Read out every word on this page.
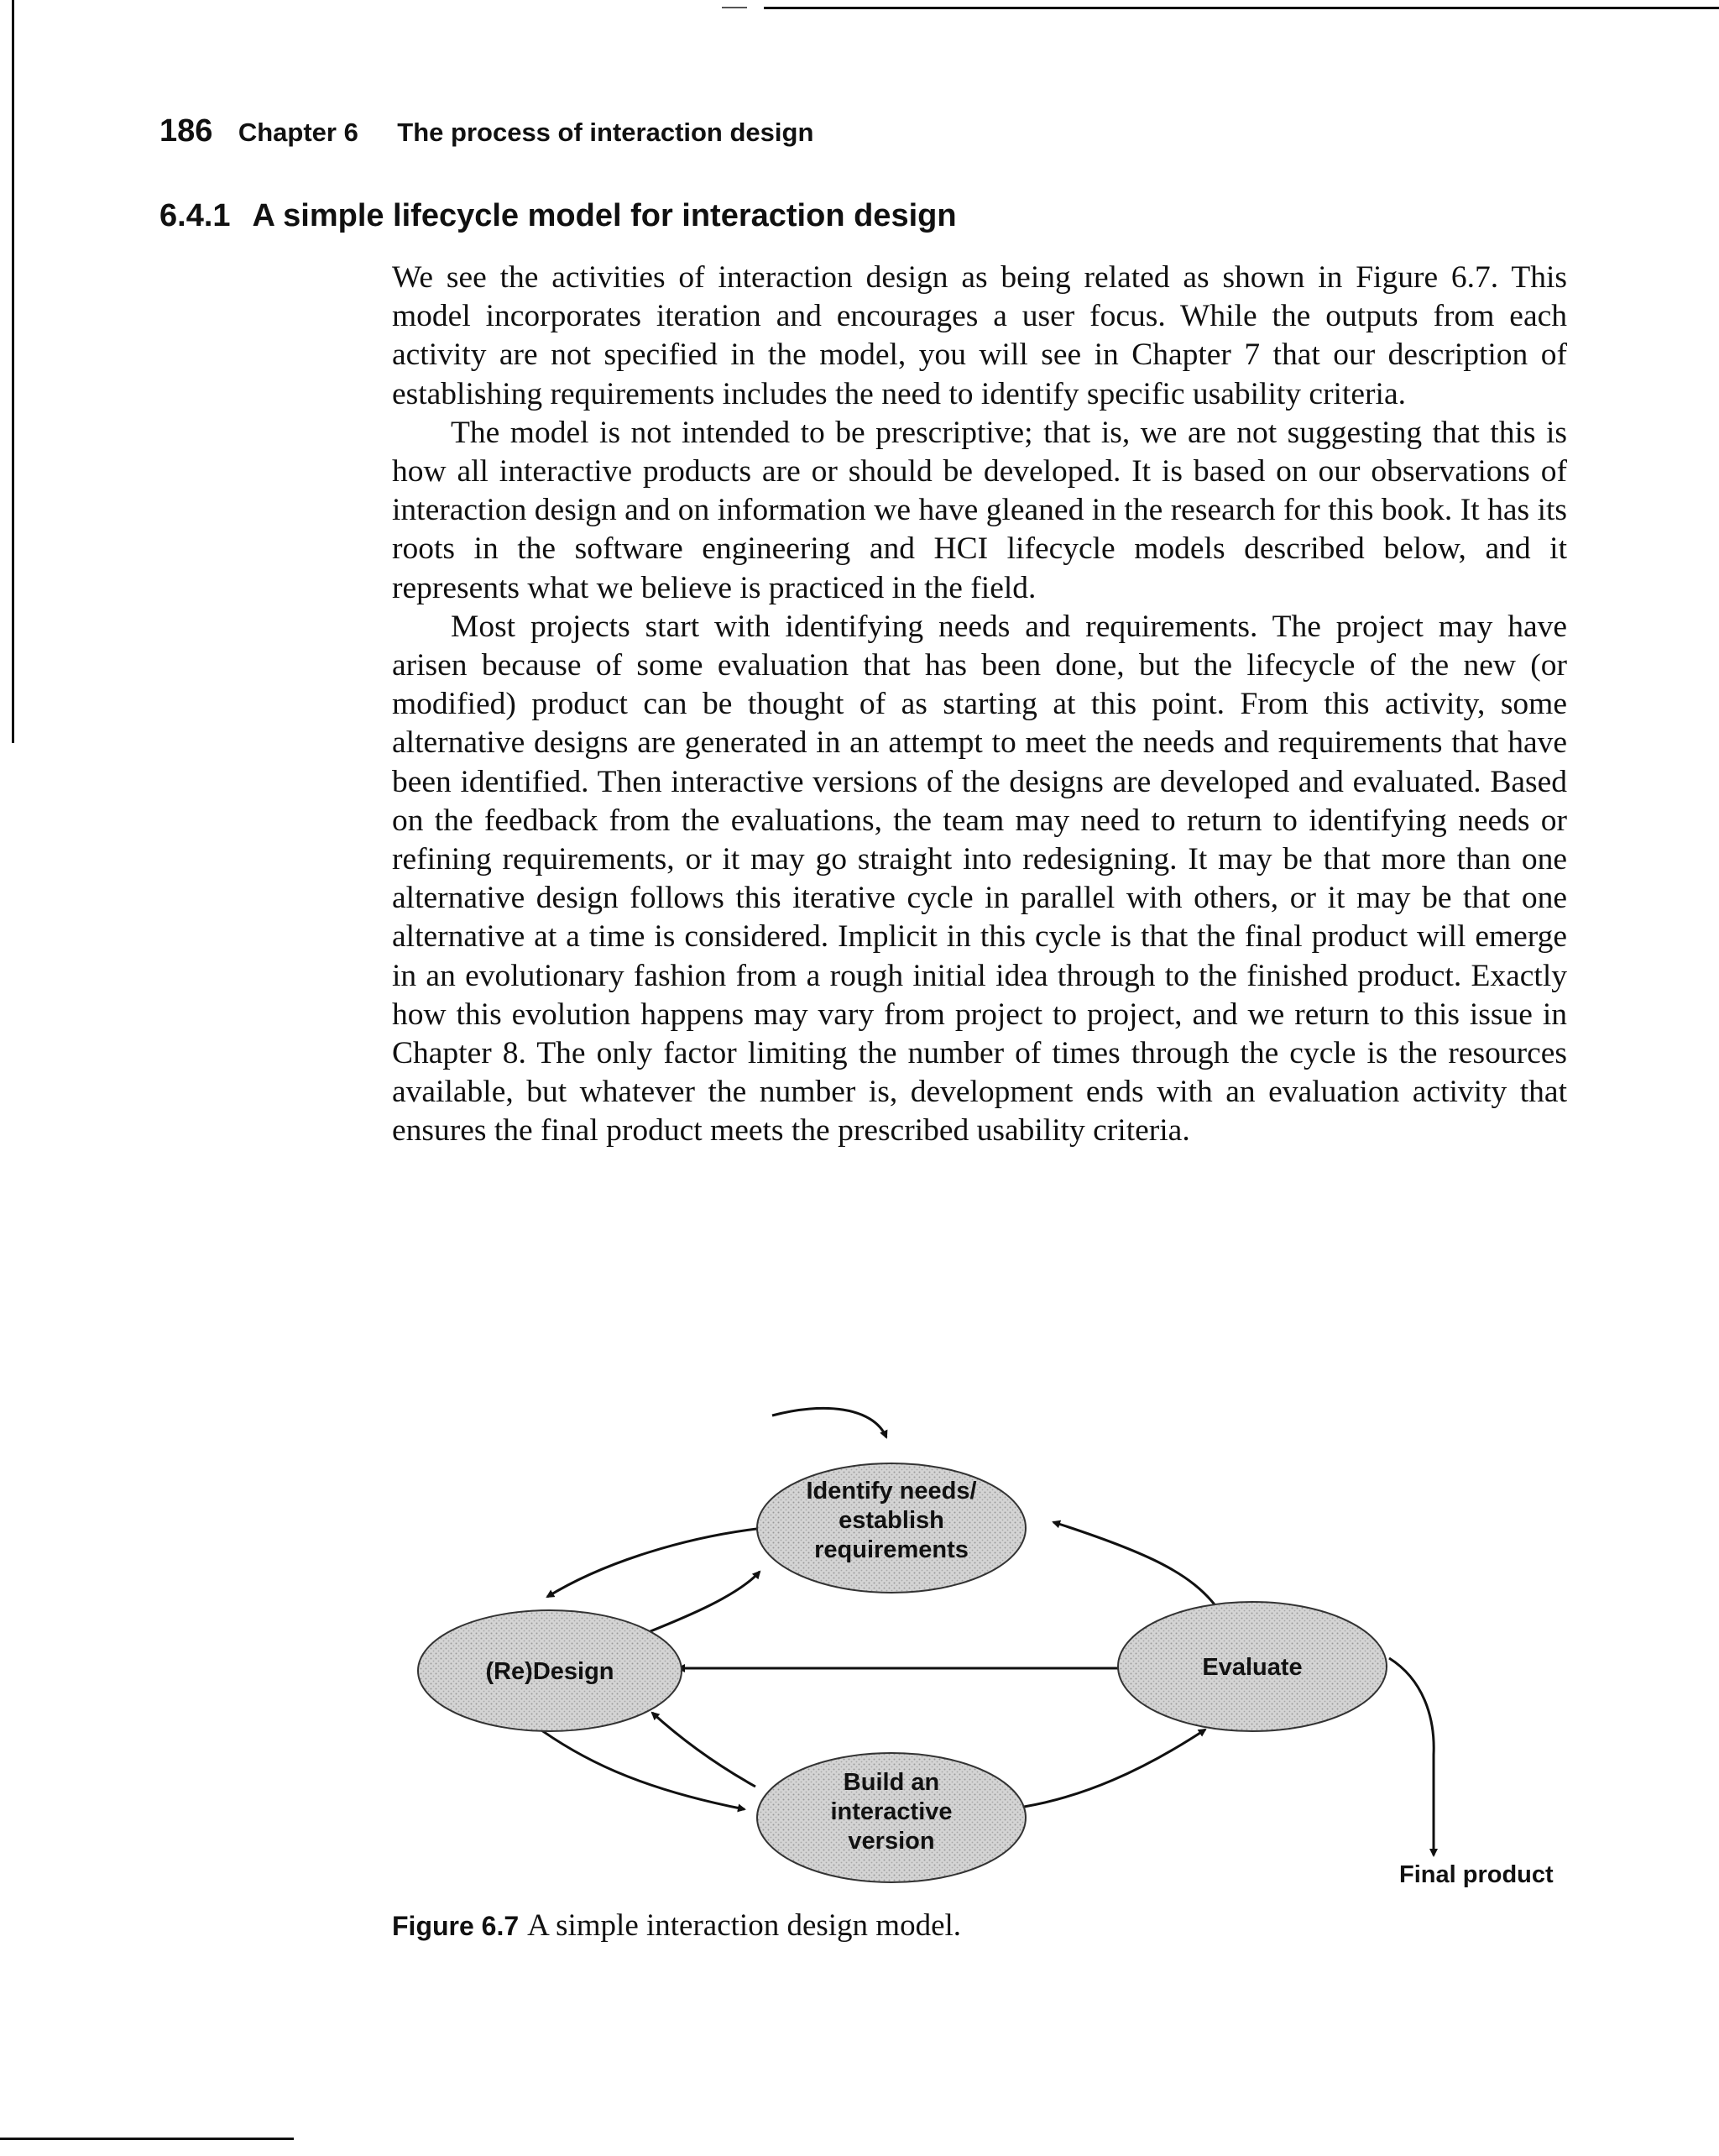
186 Chapter 6 The process of interaction design
6.4.1 A simple lifecycle model for interaction design

We see the activities of interaction design as being related as shown in Figure 6.7. This model incorporates iteration and encourages a user focus. While the outputs from each activity are not specified in the model, you will see in Chapter 7 that our description of establishing requirements includes the need to identify specific usability criteria.

The model is not intended to be prescriptive; that is, we are not suggesting that this is how all interactive products are or should be developed. It is based on our observations of interaction design and on information we have gleaned in the research for this book. It has its roots in the software engineering and HCI lifecycle models described below, and it represents what we believe is practiced in the field.

Most projects start with identifying needs and requirements. The project may have arisen because of some evaluation that has been done, but the lifecycle of the new (or modified) product can be thought of as starting at this point. From this activity, some alternative designs are generated in an attempt to meet the needs and requirements that have been identified. Then interactive versions of the designs are developed and evaluated. Based on the feedback from the evaluations, the team may need to return to identifying needs or refining requirements, or it may go straight into redesigning. It may be that more than one alternative design follows this iterative cycle in parallel with others, or it may be that one alternative at a time is considered. Implicit in this cycle is that the final product will emerge in an evolutionary fashion from a rough initial idea through to the finished product. Exactly how this evolution happens may vary from project to project, and we return to this issue in Chapter 8. The only factor limiting the number of times through the cycle is the resources available, but whatever the number is, development ends with an evaluation activity that ensures the final product meets the prescribed usability criteria.

Identify needs/
establish
requirements
(Re)Design	Evaluate
Build an
interactive
version
Final product
Figure 6.7 A simple interaction design model.
